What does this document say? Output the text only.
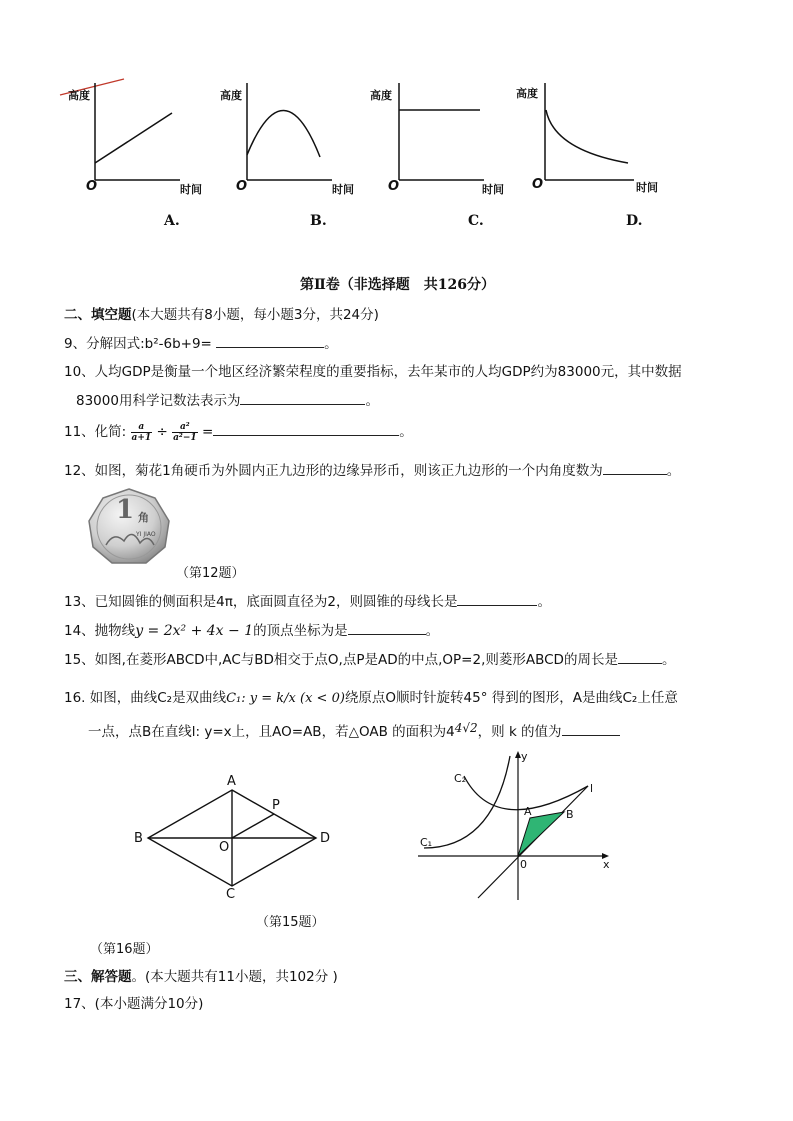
高度
时间
O
高度
时间
O
高度
时间
O
高度
时间
O
A.	B.	C.	D.
第Ⅱ卷（非选择题　共126分）
二、填空题(本大题共有8小题，每小题3分，共24分)
9、分解因式:b²-6b+9=	。
10、人均GDP是衡量一个地区经济繁荣程度的重要指标，去年某市的人均GDP约为83000元，其中数据
83000用科学记数法表示为	。
11、化简: $\frac{a}{a+1} \div \frac{\text{a²}}{\text{a²−1}}$ =	。
12、如图，菊花1角硬币为外圆内正九边形的边缘异形币，则该正九边形的一个内角度数为	。
1 角
YI JIAO
（第12题）
13、已知圆锥的侧面积是4π，底面圆直径为2，则圆锥的母线长是	。
14、抛物线y = 2x² + 4x − 1的顶点坐标为是	。
15、如图,在菱形ABCD中,AC与BD相交于点O,点P是AD的中点,OP=2,则菱形ABCD的周长是	。
16. 如图，曲线C₂是双曲线C₁: y = k/x (x < 0)绕原点O顺时针旋转45° 得到的图形，A是曲线C₂上任意
一点，点B在直线l: y=x上，且AO=AB，若△OAB 的面积为44√2，则 k 的值为
A
B
C
D
O
P
（第15题）
y
x
0
C₂
C₁
A	B
l
（第16题）
三、解答题。(本大题共有11小题，共102分 )
17、(本小题满分10分)
